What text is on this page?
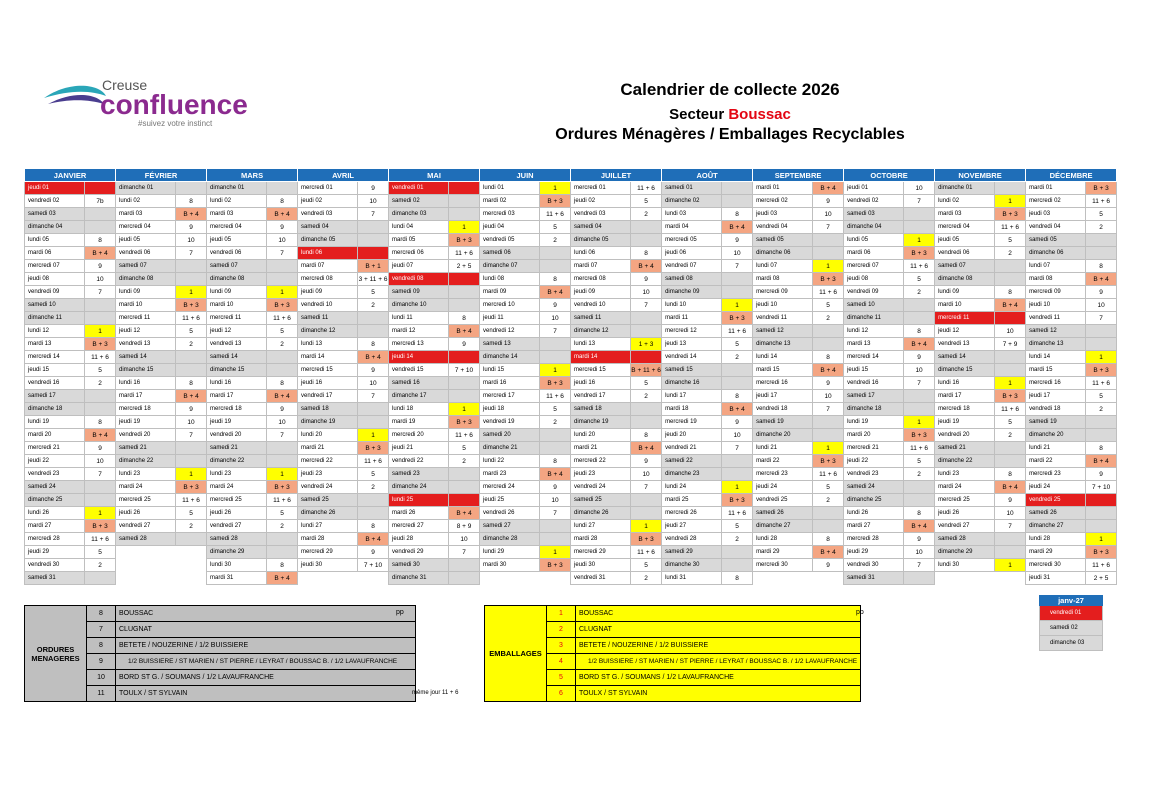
Creuse
confluence
#suivez votre instinct
Calendrier de collecte 2026
Secteur Boussac
Ordures Ménagères / Emballages Recyclables
JANVIER		FÉVRIER		MARS		AVRIL		MAI		JUIN		JUILLET		AOÛT		SEPTEMBRE		OCTOBRE		NOVEMBRE		DÉCEMBRE	
jeudi 01		dimanche 01		dimanche 01		mercredi 01	9	vendredi 01		lundi 01	1	mercredi 01	11 + 6	samedi 01		mardi 01	B + 4	jeudi 01	10	dimanche 01		mardi 01	B + 3
vendredi 02	7b	lundi 02	8	lundi 02	8	jeudi 02	10	samedi 02		mardi 02	B + 3	jeudi 02	5	dimanche 02		mercredi 02	9	vendredi 02	7	lundi 02	1	mercredi 02	11 + 6
samedi 03		mardi 03	B + 4	mardi 03	B + 4	vendredi 03	7	dimanche 03		mercredi 03	11 + 6	vendredi 03	2	lundi 03	8	jeudi 03	10	samedi 03		mardi 03	B + 3	jeudi 03	5
dimanche 04		mercredi 04	9	mercredi 04	9	samedi 04		lundi 04	1	jeudi 04	5	samedi 04		mardi 04	B + 4	vendredi 04	7	dimanche 04		mercredi 04	11 + 6	vendredi 04	2
lundi 05	8	jeudi 05	10	jeudi 05	10	dimanche 05		mardi 05	B + 3	vendredi 05	2	dimanche 05		mercredi 05	9	samedi 05		lundi 05	1	jeudi 05	5	samedi 05	
mardi 06	B + 4	vendredi 06	7	vendredi 06	7	lundi 06		mercredi 06	11 + 6	samedi 06		lundi 06	8	jeudi 06	10	dimanche 06		mardi 06	B + 3	vendredi 06	2	dimanche 06	
mercredi 07	9	samedi 07		samedi 07		mardi 07	B + 1	jeudi 07	2 + 5	dimanche 07		mardi 07	B + 4	vendredi 07	7	lundi 07	1	mercredi 07	11 + 6	samedi 07		lundi 07	8
jeudi 08	10	dimanche 08		dimanche 08		mercredi 08	3 + 11 + 6	vendredi 08		lundi 08	8	mercredi 08	9	samedi 08		mardi 08	B + 3	jeudi 08	5	dimanche 08		mardi 08	B + 4
vendredi 09	7	lundi 09	1	lundi 09	1	jeudi 09	5	samedi 09		mardi 09	B + 4	jeudi 09	10	dimanche 09		mercredi 09	11 + 6	vendredi 09	2	lundi 09	8	mercredi 09	9
samedi 10		mardi 10	B + 3	mardi 10	B + 3	vendredi 10	2	dimanche 10		mercredi 10	9	vendredi 10	7	lundi 10	1	jeudi 10	5	samedi 10		mardi 10	B + 4	jeudi 10	10
dimanche 11		mercredi 11	11 + 6	mercredi 11	11 + 6	samedi 11		lundi 11	8	jeudi 11	10	samedi 11		mardi 11	B + 3	vendredi 11	2	dimanche 11		mercredi 11		vendredi 11	7
lundi 12	1	jeudi 12	5	jeudi 12	5	dimanche 12		mardi 12	B + 4	vendredi 12	7	dimanche 12		mercredi 12	11 + 6	samedi 12		lundi 12	8	jeudi 12	10	samedi 12	
mardi 13	B + 3	vendredi 13	2	vendredi 13	2	lundi 13	8	mercredi 13	9	samedi 13		lundi 13	1 + 3	jeudi 13	5	dimanche 13		mardi 13	B + 4	vendredi 13	7 + 9	dimanche 13	
mercredi 14	11 + 6	samedi 14		samedi 14		mardi 14	B + 4	jeudi 14		dimanche 14		mardi 14		vendredi 14	2	lundi 14	8	mercredi 14	9	samedi 14		lundi 14	1
jeudi 15	5	dimanche 15		dimanche 15		mercredi 15	9	vendredi 15	7 + 10	lundi 15	1	mercredi 15	B + 11 + 6	samedi 15		mardi 15	B + 4	jeudi 15	10	dimanche 15		mardi 15	B + 3
vendredi 16	2	lundi 16	8	lundi 16	8	jeudi 16	10	samedi 16		mardi 16	B + 3	jeudi 16	5	dimanche 16		mercredi 16	9	vendredi 16	7	lundi 16	1	mercredi 16	11 + 6
samedi 17		mardi 17	B + 4	mardi 17	B + 4	vendredi 17	7	dimanche 17		mercredi 17	11 + 6	vendredi 17	2	lundi 17	8	jeudi 17	10	samedi 17		mardi 17	B + 3	jeudi 17	5
dimanche 18		mercredi 18	9	mercredi 18	9	samedi 18		lundi 18	1	jeudi 18	5	samedi 18		mardi 18	B + 4	vendredi 18	7	dimanche 18		mercredi 18	11 + 6	vendredi 18	2
lundi 19	8	jeudi 19	10	jeudi 19	10	dimanche 19		mardi 19	B + 3	vendredi 19	2	dimanche 19		mercredi 19	9	samedi 19		lundi 19	1	jeudi 19	5	samedi 19	
mardi 20	B + 4	vendredi 20	7	vendredi 20	7	lundi 20	1	mercredi 20	11 + 6	samedi 20		lundi 20	8	jeudi 20	10	dimanche 20		mardi 20	B + 3	vendredi 20	2	dimanche 20	
mercredi 21	9	samedi 21		samedi 21		mardi 21	B + 3	jeudi 21	5	dimanche 21		mardi 21	B + 4	vendredi 21	7	lundi 21	1	mercredi 21	11 + 6	samedi 21		lundi 21	8
jeudi 22	10	dimanche 22		dimanche 22		mercredi 22	11 + 6	vendredi 22	2	lundi 22	8	mercredi 22	9	samedi 22		mardi 22	B + 3	jeudi 22	5	dimanche 22		mardi 22	B + 4
vendredi 23	7	lundi 23	1	lundi 23	1	jeudi 23	5	samedi 23		mardi 23	B + 4	jeudi 23	10	dimanche 23		mercredi 23	11 + 6	vendredi 23	2	lundi 23	8	mercredi 23	9
samedi 24		mardi 24	B + 3	mardi 24	B + 3	vendredi 24	2	dimanche 24		mercredi 24	9	vendredi 24	7	lundi 24	1	jeudi 24	5	samedi 24		mardi 24	B + 4	jeudi 24	7 + 10
dimanche 25		mercredi 25	11 + 6	mercredi 25	11 + 6	samedi 25		lundi 25		jeudi 25	10	samedi 25		mardi 25	B + 3	vendredi 25	2	dimanche 25		mercredi 25	9	vendredi 25	
lundi 26	1	jeudi 26	5	jeudi 26	5	dimanche 26		mardi 26	B + 4	vendredi 26	7	dimanche 26		mercredi 26	11 + 6	samedi 26		lundi 26	8	jeudi 26	10	samedi 26	
mardi 27	B + 3	vendredi 27	2	vendredi 27	2	lundi 27	8	mercredi 27	8 + 9	samedi 27		lundi 27	1	jeudi 27	5	dimanche 27		mardi 27	B + 4	vendredi 27	7	dimanche 27	
mercredi 28	11 + 6	samedi 28		samedi 28		mardi 28	B + 4	jeudi 28	10	dimanche 28		mardi 28	B + 3	vendredi 28	2	lundi 28	8	mercredi 28	9	samedi 28		lundi 28	1
jeudi 29	5			dimanche 29		mercredi 29	9	vendredi 29	7	lundi 29	1	mercredi 29	11 + 6	samedi 29		mardi 29	B + 4	jeudi 29	10	dimanche 29		mardi 29	B + 3
vendredi 30	2			lundi 30	8	jeudi 30	7 + 10	samedi 30		mardi 30	B + 3	jeudi 30	5	dimanche 30		mercredi 30	9	vendredi 30	7	lundi 30	1	mercredi 30	11 + 6
samedi 31				mardi 31	B + 4			dimanche 31				vendredi 31	2	lundi 31	8			samedi 31				jeudi 31	2 + 5
ORDURES
MENAGERES	8	BOUSSAC
	7	CLUGNAT
	8	BETETE / NOUZERINE / 1/2 BUISSIERE
	9	1/2 BUISSIERE / ST MARIEN / ST PIERRE / LEYRAT / BOUSSAC B. / 1/2 LAVAUFRANCHE
	10	BORD ST G. / SOUMANS / 1/2 LAVAUFRANCHE
	11	TOULX / ST SYLVAIN	même jour 11 + 6
pp
EMBALLAGES	1	BOUSSAC
	2	CLUGNAT
	3	BETETE / NOUZERINE / 1/2 BUISSIERE
	4	1/2 BUISSIERE / ST MARIEN / ST PIERRE / LEYRAT / BOUSSAC B. / 1/2 LAVAUFRANCHE
	5	BORD ST G. / SOUMANS / 1/2 LAVAUFRANCHE
	6	TOULX / ST SYLVAIN
pp
janv-27
vendredi 01
samedi 02
dimanche 03
